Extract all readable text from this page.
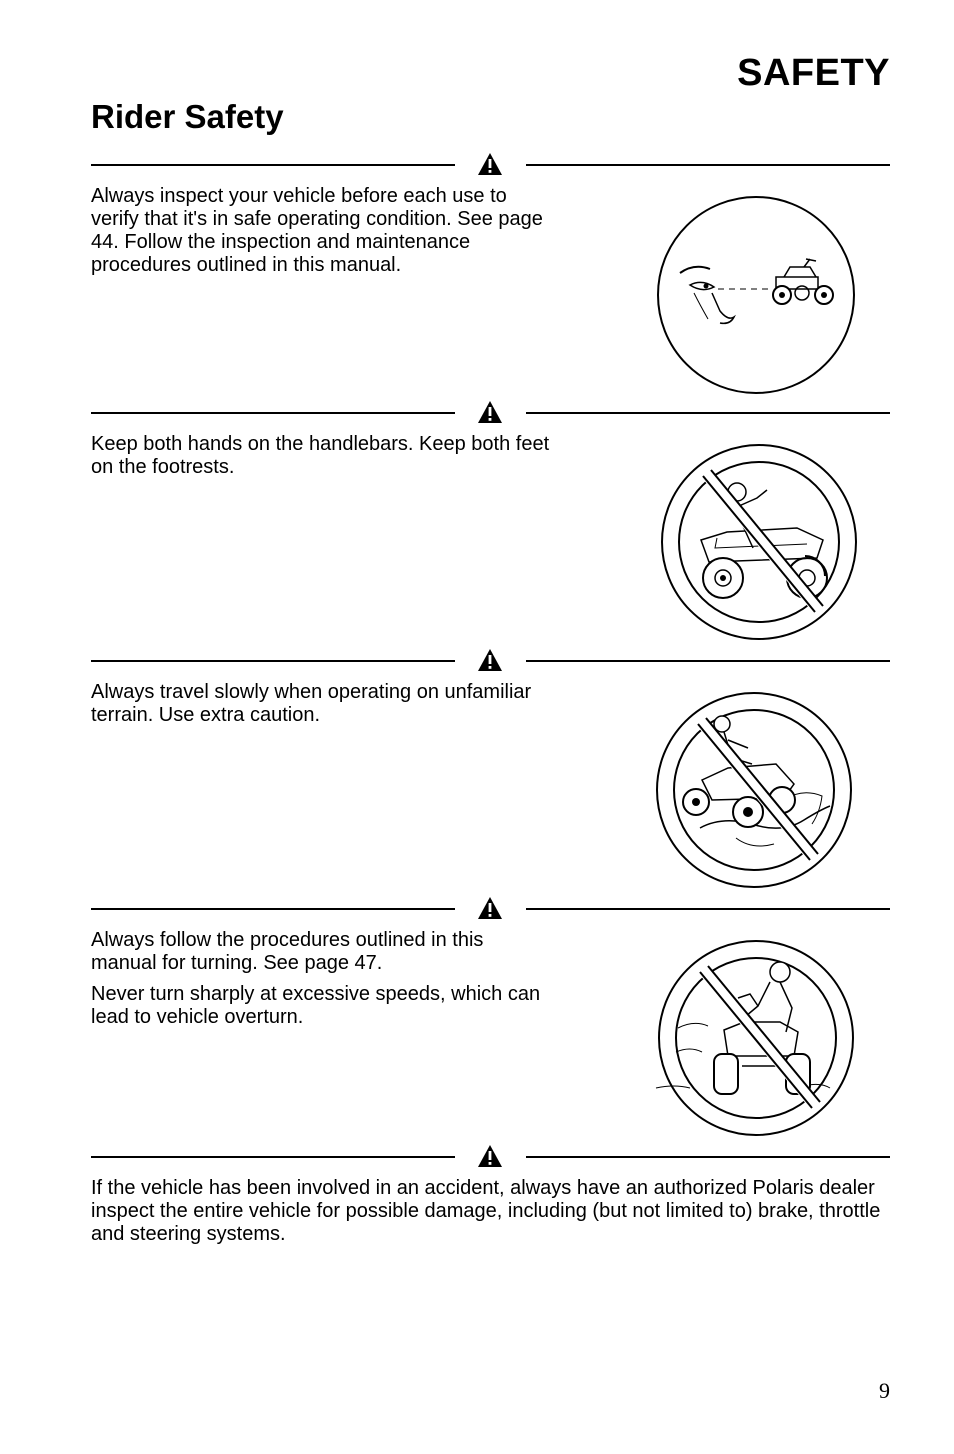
SAFETY
Rider Safety

Always inspect your vehicle before each use to verify that it's in safe operating condition. See page 44. Follow the inspection and maintenance procedures outlined in this manual.

Keep both hands on the handlebars. Keep both feet on the footrests.

Always travel slowly when operating on unfamiliar terrain. Use extra caution.

Always follow the procedures outlined in this manual for turning. See page 47.

Never turn sharply at excessive speeds, which can lead to vehicle overturn.

If the vehicle has been involved in an accident, always have an authorized Polaris dealer inspect the entire vehicle for possible damage, including (but not limited to) brake, throttle and steering systems.

9
